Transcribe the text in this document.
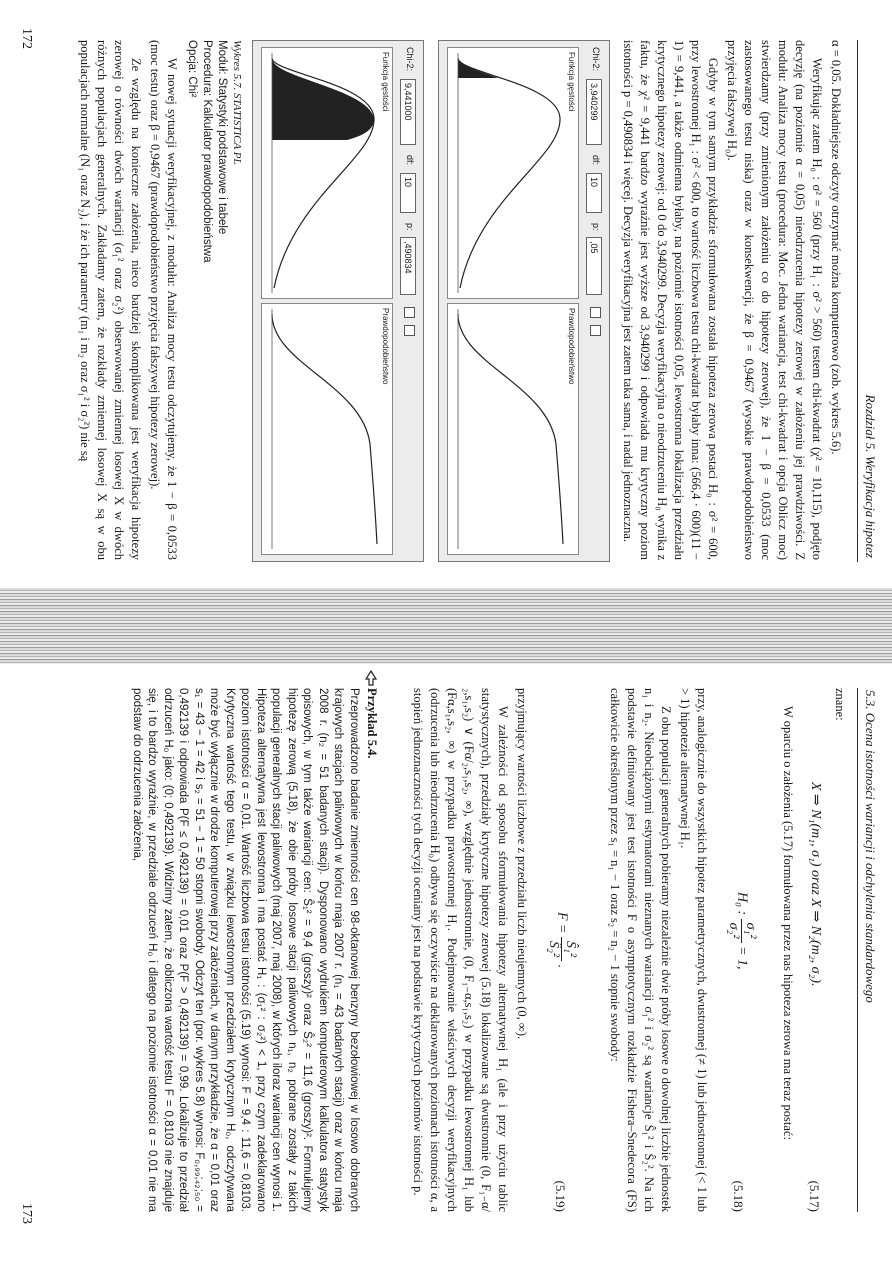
Rozdział 5. Weryfikacja hipotez

α = 0,05. Dokładniejsze odczyty otrzymać można komputerowo (zob. wykres 5.6).

Weryfikując zatem H₀ : σ² = 560 (przy H₁ : σ² > 560) testem chi-kwadrat (χ² = 10,115), podjęto decyzję (na poziomie α = 0,05) nieodrzucenia hipotezy zerowej w założeniu jej prawdziwości. Z modułu: Analiza mocy testu (procedura: Moc. Jedna wariancja, test chi-kwadrat i opcja Oblicz moc) stwierdzamy (przy zmienionym założeniu co do hipotezy zerowej), że 1 − β = 0,0533 (moc zastosowanego testu niska) oraz w konsekwencji, że β = 0,9467 (wysokie prawdopodobieństwo przyjęcia fałszywej H₀).

Gdyby w tym samym przykładzie sformułowana została hipoteza zerowa postaci H₀ : σ² = 600, przy lewostronnej H₁ : σ² < 600, to wartość liczbowa testu chi-kwadrat byłaby inna: (566,4 · 600)(11 − 1) = 9,441, a także odmienna byłaby, na poziomie istotności 0,05, lewostronna lokalizacja przedziału krytycznego hipotezy zerowej: od 0 do 3,940299. Decyzja weryfikacyjna o nieodrzuceniu H₀ wynika z faktu, że χ² = 9,441 bardzo wyraźnie jest wyższe od 3,940299 i odpowiada mu krytyczny poziom istotności p = 0,490834 i więcej. Decyzja weryfikacyjna jest zatem taka sama, i nadal jednoznaczna.

Chi-2:
3,940299
df:
10
p:
,05
Funkcja gęstości
Prawdopodobieństwo
Chi-2:
9,441000
df:
10
p:
,490834
Funkcja gęstości
Prawdopodobieństwo
Wykres 5.7. STATISTICA PL
Moduł: Statystyki podstawowe i tabele
Procedura: Kalkulator prawdopodobieństwa
Opcja: Chi²

W nowej sytuacji weryfikacyjnej, z modułu: Analiza mocy testu odczytujemy, że 1 − β = 0,0533 (moc testu) oraz β = 0,9467 (prawdopodobieństwo przyjęcia fałszywej hipotezy zerowej).

Ze względu na konieczne założenia, nieco bardziej skomplikowana jest weryfikacja hipotezy zerowej o równości dwóch wariancji (σ₁² oraz σ₂²) obserwowanej zmiennej losowej X w dwóch różnych populacjach generalnych. Zakładamy zatem, że rozkłady zmiennej losowej X są w obu populacjach normalne (N₁ oraz N₂), i że ich parametry (m₁ i m₂ oraz σ₁² i σ₂²) nie są

172
5.3. Ocena istotności wariancji i odchylenia standardowego

znane:

X ⇒ N₁(m₁, σ₁) oraz X ⇒ N₂(m₂, σ₂).
(5.17)

W oparciu o założenia (5.17) formułowana przez nas hipoteza zerowa ma teraz postać:

H₀ :
σ₁²
σ₂²
= 1,
(5.18)

przy, analogicznie do wszystkich hipotez parametrycznych, dwustronnej (≠ 1) lub jednostronnej (< 1 lub > 1) hipotezie alternatywnej H₁.

Z obu populacji generalnych pobieramy niezależnie dwie próby losowe o dowolnej liczbie jednostek n₁ i n₂. Nieobciążonymi estymatorami nieznanych wariancji σ₁² i σ₂² są wariancje Ŝ₁² i Ŝ₂². Na ich podstawie definiowany jest test istotności F o asymptotycznym rozkładzie Fishera–Snedecora (FS) całkowicie określonym przez s₁ = n₁ − 1 oraz s₂ = n₂ − 1 stopnie swobody:

F =
Ŝ₁²
Ŝ₂²
.
(5.19)

przyjmujący wartości liczbowe z przedziału liczb nieujemnych (0, ∞).

W zależności od sposobu sformułowania hipotezy alternatywnej H₁ (ale i przy użyciu tablic statystycznych), przedziały krytyczne hipotezy zerowej (5.18) lokalizowane są dwustronnie (0, F₁₋α/₂,s₁,s₂) ∨ (Fα/₂,s₁,s₂, ∞), względnie jednostronnie, (0, F₁₋α,s₁,s₂) w przypadku lewostronnej H₁ lub (Fα,s₁,s₂, ∞) w przypadku prawostronnej H₁. Podejmowanie właściwych decyzji weryfikacyjnych (odrzucenia lub nieodrzucenia H₀) odbywa się oczywiście na deklarowanych poziomach istotności α, a stopień jednoznaczności tych decyzji oceniany jest na podstawie krytycznych poziomów istotności p.

Przykład 5.4.

Przeprowadzono badanie zmienności cen 98-oktanowej benzyny bezołowiowej w losowo dobranych krajowych stacjach paliwowych w końcu maja 2007 r. (n₁ = 43 badanych stacji) oraz w końcu maja 2008 r. (n₂ = 51 badanych stacji). Dysponowano wydrukiem komputerowym kalkulatora statystyk opisowych, w tym także wariancji cen: Ŝ₁² = 9,4 (groszy)² oraz Ŝ₂² = 11,6 (groszy)². Formułujemy hipotezę zerową (5.18), że obie próby losowe stacji paliwowych n₁, n₂ pobrane zostały z takich populacji generalnych stacji paliwowych (maj 2007, maj 2008), w których iloraz wariancji cen wynosi 1. Hipoteza alternatywna jest lewostronna i ma postać H₁ : (σ₁² : σ₂²) < 1, przy czym zadeklarowano poziom istotności α = 0,01. Wartość liczbowa testu istotności (5.19) wynosi: F = 9,4 : 11,6 = 0,8103. Krytyczna wartość tego testu, w związku lewostronnym przedziałem krytycznym H₀, odczytywana może być wyłącznie w drodze komputerowej przy założeniach, w danym przykładzie, że α = 0,01 oraz s₁ = 43 − 1 = 42 i s₂ = 51 − 1 = 50 stopni swobody. Odczyt ten (por. wykres 5.8) wynosi: F₀,₉₉;₄₂;₅₀ = 0,492139 i odpowiada P(F ≤ 0,492139) = 0,01 oraz P(F > 0,492139) = 0,99. Lokalizuje to przedział odrzuceń H₀ jako: (0; 0,492139). Widzimy zatem, że obliczona wartość testu F = 0,8103 nie znajduje się, i to bardzo wyraźnie, w przedziale odrzuceń H₀ i dlatego na poziomie istotności α = 0,01 nie ma podstaw do odrzucenia założenia,

173
